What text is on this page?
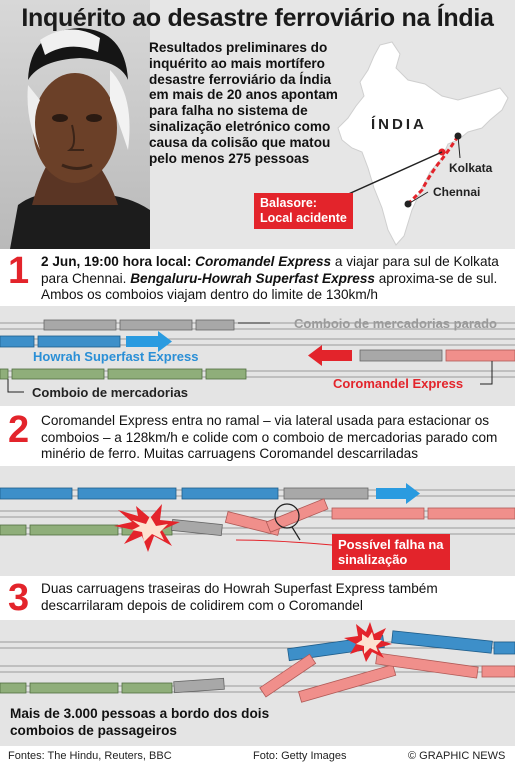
ÍNDIA
Kolkata
Chennai
Balasore:
Local acidente
Inquérito ao desastre ferroviário na Índia
Resultados preliminares do inquérito ao mais mortífero desastre ferroviário da Índia em mais de 20 anos apontam para falha no sistema de sinalização eletrónico como causa da colisão que matou pelo menos 275 pessoas
1 2 Jun, 19:00 hora local: Coromandel Express a viajar para sul de Kolkata para Chennai. Bengaluru-Howrah Superfast Express aproxima-se de sul. Ambos os comboios viajam dentro do limite de 130km/h
Comboio de mercadorias parado
Howrah Superfast Express
Comboio de mercadorias
Coromandel Express
2 Coromandel Express entra no ramal – via lateral usada para estacionar os comboios – a 128km/h e colide com o comboio de mercadorias parado com minério de ferro. Muitas carruagens Coromandel descarriladas
Possível falha na
sinalização
3 Duas carruagens traseiras do Howrah Superfast Express também descarrilaram depois de colidirem com o Coromandel
Mais de 3.000 pessoas a bordo dos dois comboios de passageiros
Fontes: The Hindu, Reuters, BBC	Foto: Getty Images	© GRAPHIC NEWS
